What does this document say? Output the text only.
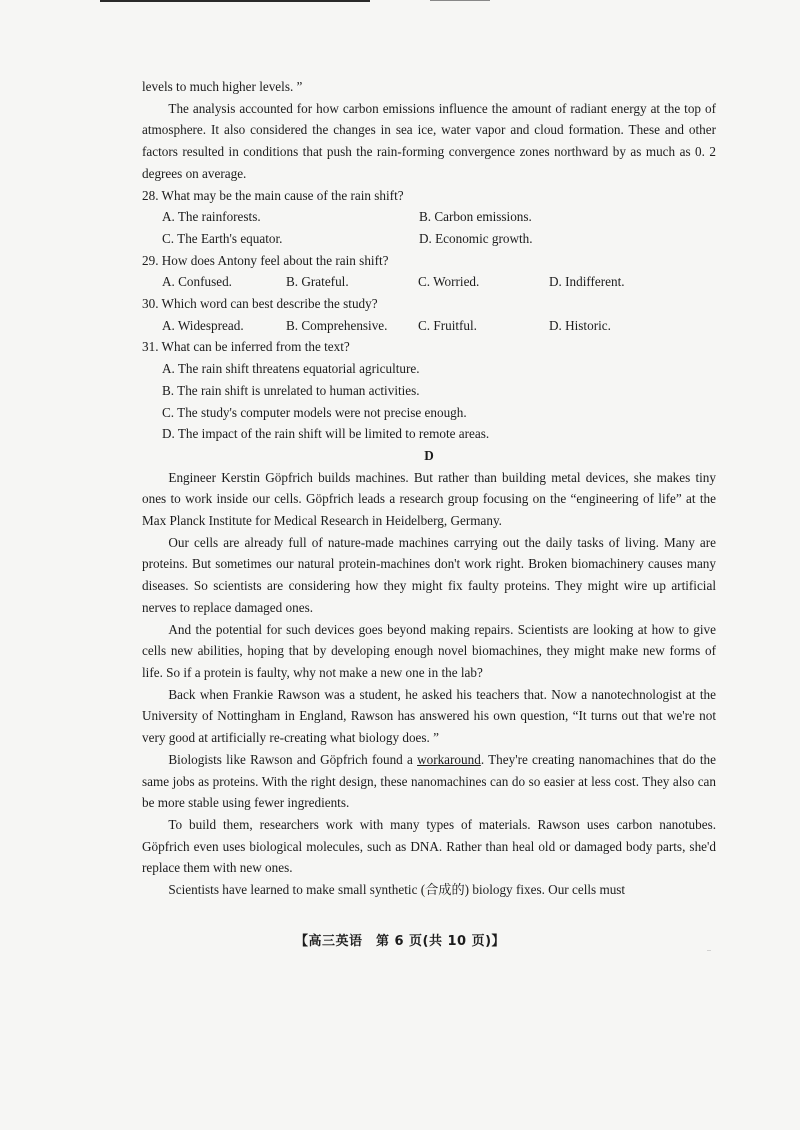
levels to much higher levels. ”

The analysis accounted for how carbon emissions influence the amount of radiant energy at the top of atmosphere. It also considered the changes in sea ice, water vapor and cloud formation. These and other factors resulted in conditions that push the rain-forming convergence zones northward by as much as 0. 2 degrees on average.

28. What may be the main cause of the rain shift?

A. The rainforests.	B. Carbon emissions.
C. The Earth's equator.	D. Economic growth.

29. How does Antony feel about the rain shift?

A. Confused.	B. Grateful.	C. Worried.	D. Indifferent.

30. Which word can best describe the study?

A. Widespread.	B. Comprehensive.	C. Fruitful.	D. Historic.

31. What can be inferred from the text?

A. The rain shift threatens equatorial agriculture.
B. The rain shift is unrelated to human activities.
C. The study's computer models were not precise enough.
D. The impact of the rain shift will be limited to remote areas.

D

Engineer Kerstin Göpfrich builds machines. But rather than building metal devices, she makes tiny ones to work inside our cells. Göpfrich leads a research group focusing on the “engineering of life” at the Max Planck Institute for Medical Research in Heidelberg, Germany.

Our cells are already full of nature-made machines carrying out the daily tasks of living. Many are proteins. But sometimes our natural protein-machines don't work right. Broken biomachinery causes many diseases. So scientists are considering how they might fix faulty proteins. They might wire up artificial nerves to replace damaged ones.

And the potential for such devices goes beyond making repairs. Scientists are looking at how to give cells new abilities, hoping that by developing enough novel biomachines, they might make new forms of life. So if a protein is faulty, why not make a new one in the lab?

Back when Frankie Rawson was a student, he asked his teachers that. Now a nanotechnologist at the University of Nottingham in England, Rawson has answered his own question, “It turns out that we're not very good at artificially re-creating what biology does. ”

Biologists like Rawson and Göpfrich found a workaround. They're creating nanomachines that do the same jobs as proteins. With the right design, these nanomachines can do so easier at less cost. They also can be more stable using fewer ingredients.

To build them, researchers work with many types of materials. Rawson uses carbon nanotubes. Göpfrich even uses biological molecules, such as DNA. Rather than heal old or damaged body parts, she'd replace them with new ones.

Scientists have learned to make small synthetic (合成的) biology fixes. Our cells must

【高三英语　第 6 页(共 10 页)】	..
